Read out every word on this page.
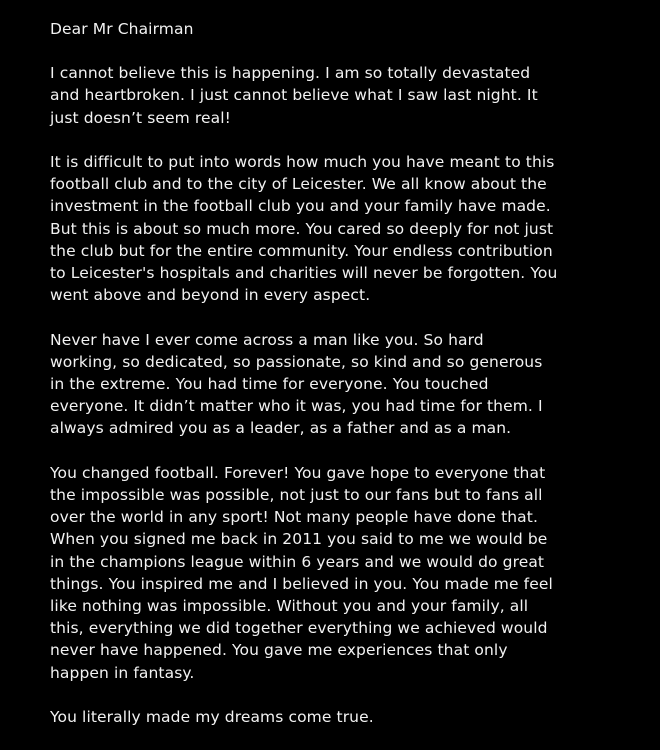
Dear Mr Chairman

I cannot believe this is happening. I am so totally devastated
and heartbroken. I just cannot believe what I saw last night. It
just doesn’t seem real!

It is difficult to put into words how much you have meant to this
football club and to the city of Leicester. We all know about the
investment in the football club you and your family have made.
But this is about so much more. You cared so deeply for not just
the club but for the entire community. Your endless contribution
to Leicester's hospitals and charities will never be forgotten. You
went above and beyond in every aspect.

Never have I ever come across a man like you. So hard
working, so dedicated, so passionate, so kind and so generous
in the extreme. You had time for everyone. You touched
everyone. It didn’t matter who it was, you had time for them. I
always admired you as a leader, as a father and as a man.

You changed football. Forever! You gave hope to everyone that
the impossible was possible, not just to our fans but to fans all
over the world in any sport! Not many people have done that.
When you signed me back in 2011 you said to me we would be
in the champions league within 6 years and we would do great
things. You inspired me and I believed in you. You made me feel
like nothing was impossible. Without you and your family, all
this, everything we did together everything we achieved would
never have happened. You gave me experiences that only
happen in fantasy.

You literally made my dreams come true.
